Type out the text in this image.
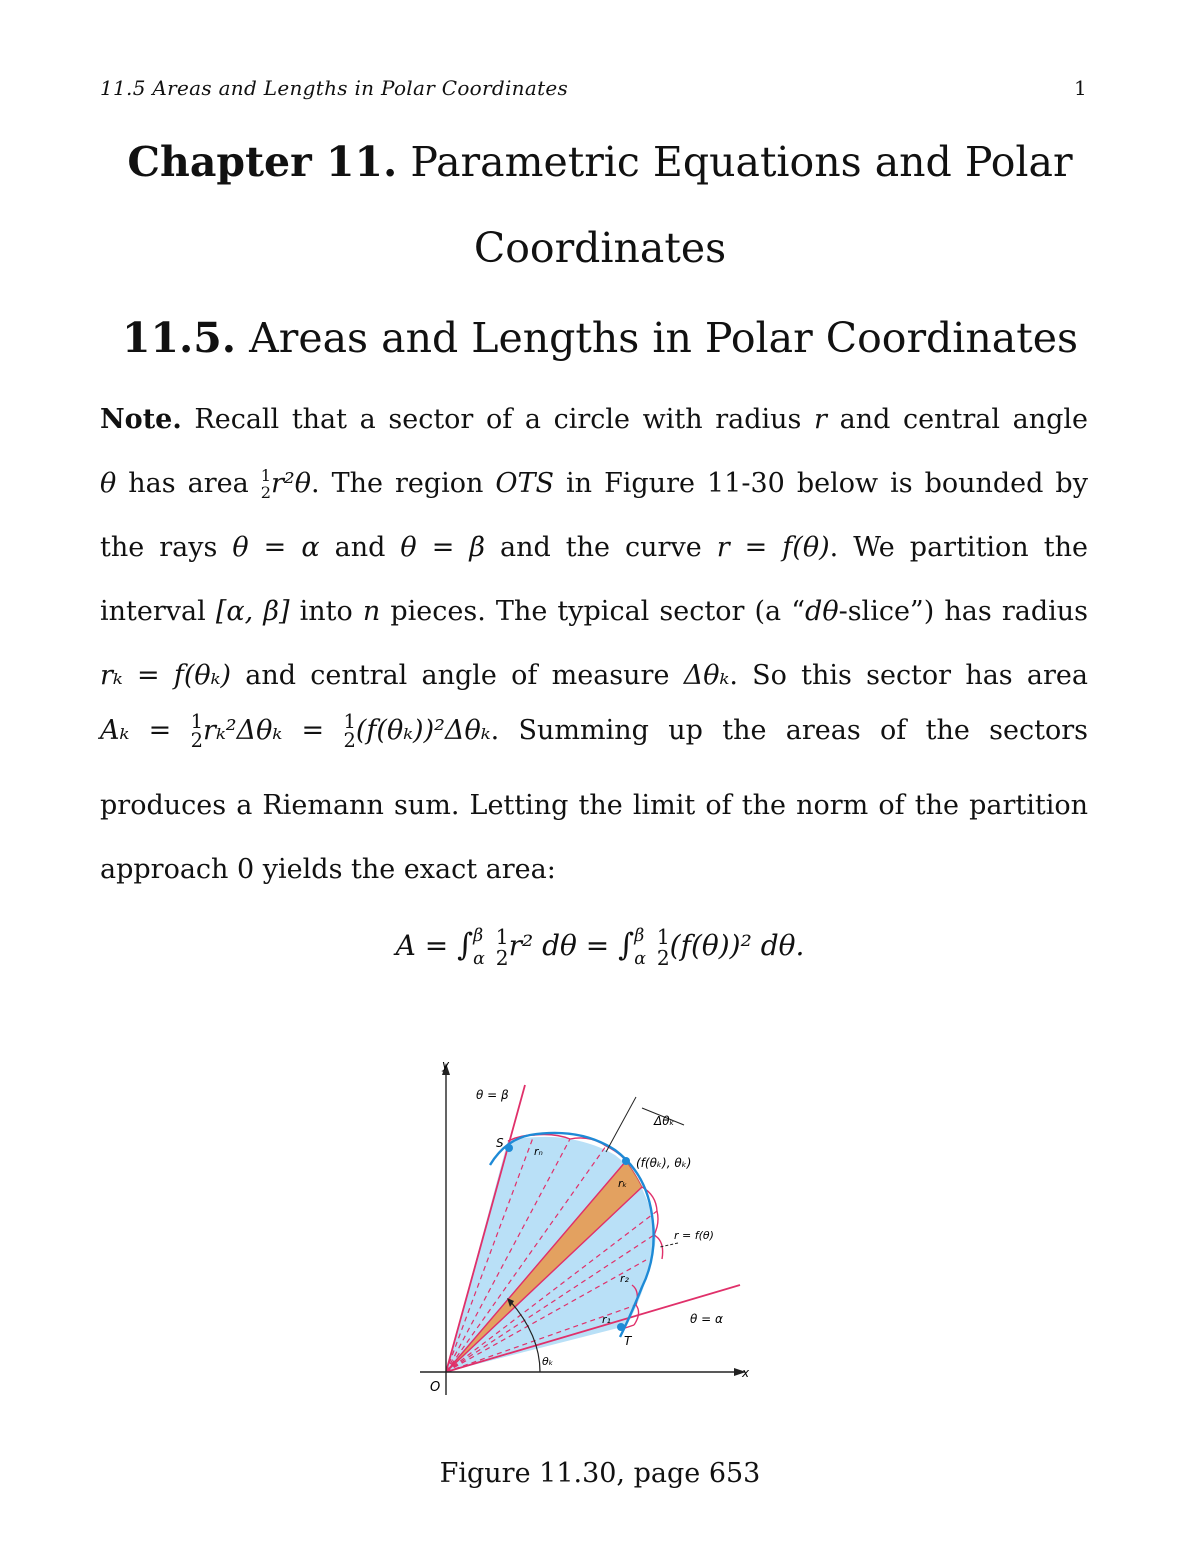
11.5 Areas and Lengths in Polar Coordinates	1
Chapter 11. Parametric Equations and Polar
Coordinates
11.5. Areas and Lengths in Polar Coordinates
Note. Recall that a sector of a circle with radius r and central angle
θ has area 1
2 r²θ. The region OTS in Figure 11-30 below is bounded by
the rays θ = α and θ = β and the curve r = f(θ). We partition the
interval [α, β] into n pieces. The typical sector (a “dθ-slice”) has radius
rₖ = f(θₖ) and central angle of measure Δθₖ. So this sector has area
Aₖ = 1
2 rₖ²Δθₖ = 1
2 (f(θₖ))²Δθₖ. Summing up the areas of the sectors
produces a Riemann sum. Letting the limit of the norm of the partition
approach 0 yields the exact area:
A = ∫ β
α

1
2 r² dθ = ∫ β
α

1
2 (f(θ))² dθ.
y
x
O
θ = β
θ = α
S
T
rₙ
rₖ
r₂
r₁
Δθₖ
(f(θₖ), θₖ)
r = f(θ)
θₖ
Figure 11.30, page 653
